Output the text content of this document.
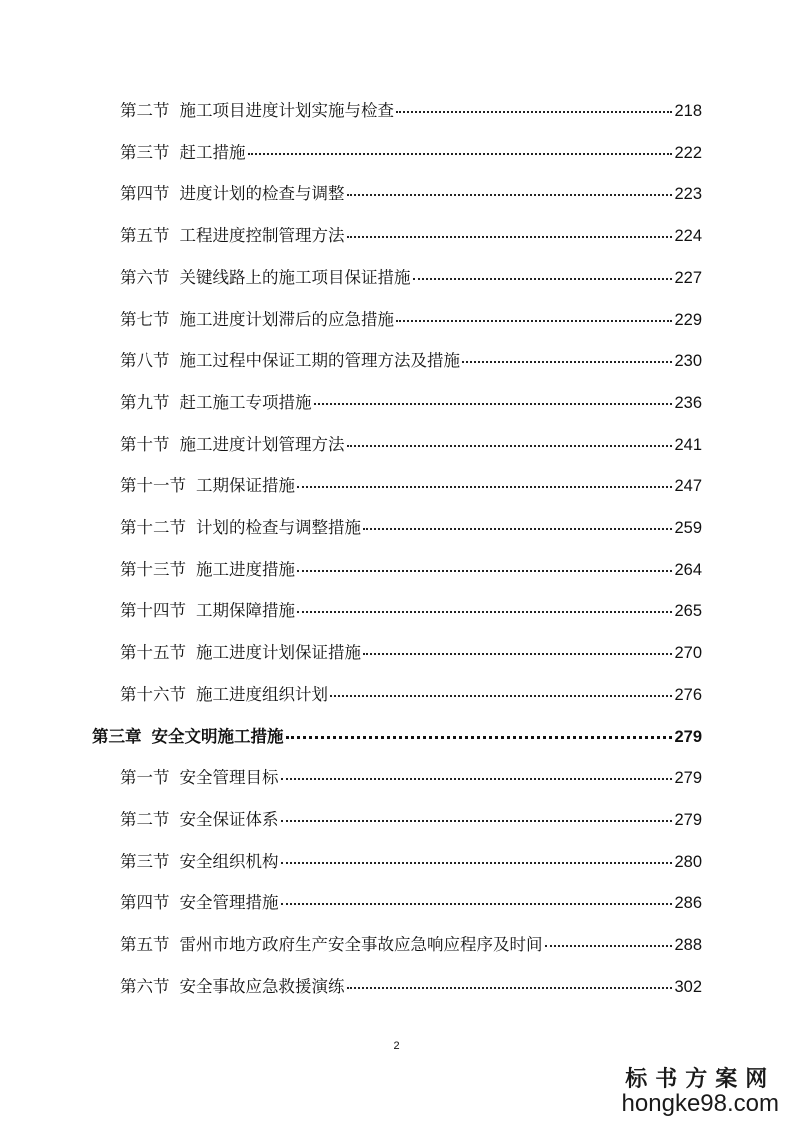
第二节 施工项目进度计划实施与检查	218
第三节 赶工措施	222
第四节 进度计划的检查与调整	223
第五节 工程进度控制管理方法	224
第六节 关键线路上的施工项目保证措施	227
第七节 施工进度计划滞后的应急措施	229
第八节 施工过程中保证工期的管理方法及措施	230
第九节 赶工施工专项措施	236
第十节 施工进度计划管理方法	241
第十一节 工期保证措施	247
第十二节 计划的检查与调整措施	259
第十三节 施工进度措施	264
第十四节 工期保障措施	265
第十五节 施工进度计划保证措施	270
第十六节 施工进度组织计划	276
第三章 安全文明施工措施	279
第一节 安全管理目标	279
第二节 安全保证体系	279
第三节 安全组织机构	280
第四节 安全管理措施	286
第五节 雷州市地方政府生产安全事故应急响应程序及时间	288
第六节 安全事故应急救援演练	302
2
标书方案网
hongke98.com
